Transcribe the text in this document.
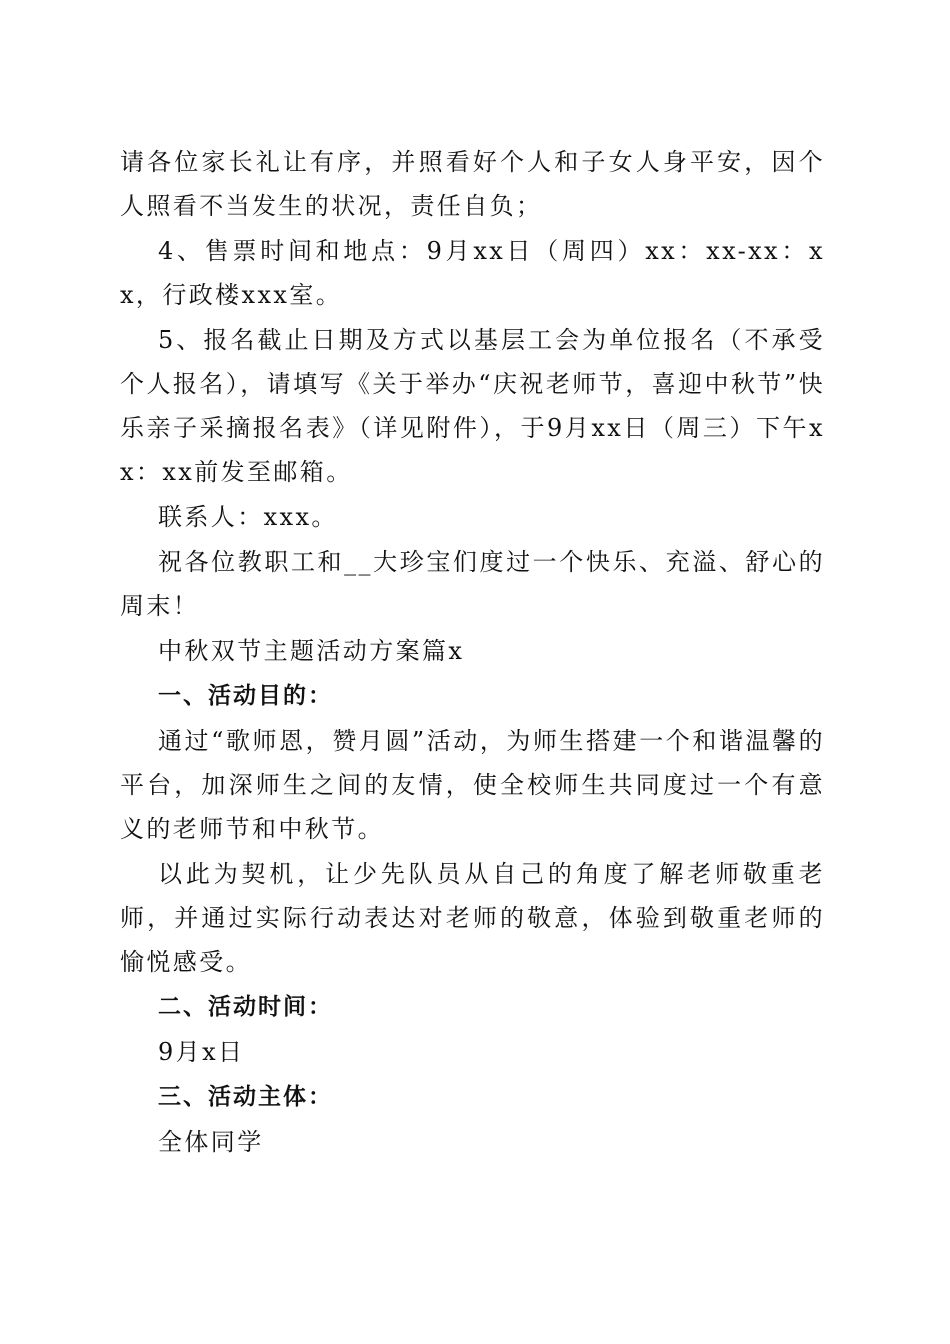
请各位家长礼让有序，并照看好个人和子女人身平安，因个人照看不当发生的状况，责任自负；

4、售票时间和地点：9月xx日（周四）xx：xx-xx：xx，行政楼xxx室。

5、报名截止日期及方式以基层工会为单位报名（不承受个人报名），请填写《关于举办“庆祝老师节，喜迎中秋节”快乐亲子采摘报名表》（详见附件），于9月xx日（周三）下午xx：xx前发至邮箱。

联系人：xxx。

祝各位教职工和__大珍宝们度过一个快乐、充溢、舒心的周末！

中秋双节主题活动方案篇x

一、活动目的：

通过“歌师恩，赞月圆”活动，为师生搭建一个和谐温馨的平台，加深师生之间的友情，使全校师生共同度过一个有意义的老师节和中秋节。

以此为契机，让少先队员从自己的角度了解老师敬重老师，并通过实际行动表达对老师的敬意，体验到敬重老师的愉悦感受。

二、活动时间：

9月x日

三、活动主体：

全体同学
